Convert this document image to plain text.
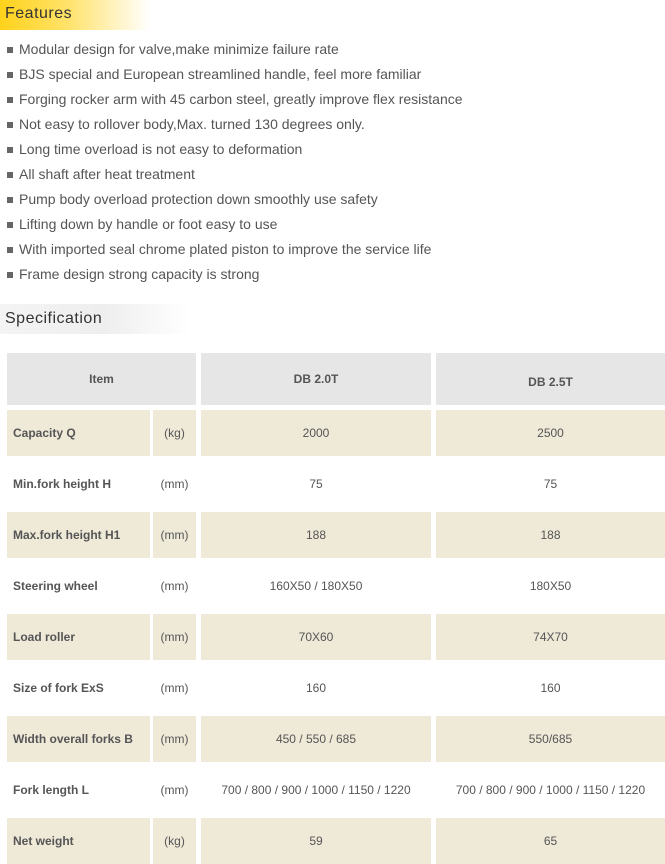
Features
Modular design for valve,make minimize failure rate
BJS special and European streamlined handle, feel more familiar
Forging rocker arm with 45 carbon steel, greatly improve flex resistance
Not easy to rollover body,Max. turned 130 degrees only.
Long time overload is not easy to deformation
All shaft after heat treatment
Pump body overload protection down smoothly use safety
Lifting down by handle or foot easy to use
With imported seal chrome plated piston to improve the service life
Frame design strong capacity is strong
Specification
Item	DB 2.0T	DB 2.5T
Capacity Q	(kg)	2000	2500
Min.fork height H	(mm)	75	75
Max.fork height H1	(mm)	188	188
Steering wheel	(mm)	160X50 / 180X50	180X50
Load roller	(mm)	70X60	74X70
Size of fork ExS	(mm)	160	160
Width overall forks B	(mm)	450 / 550 / 685	550/685
Fork length L	(mm)	700 / 800 / 900 / 1000 / 1150 / 1220	700 / 800 / 900 / 1000 / 1150 / 1220
Net weight	(kg)	59	65
